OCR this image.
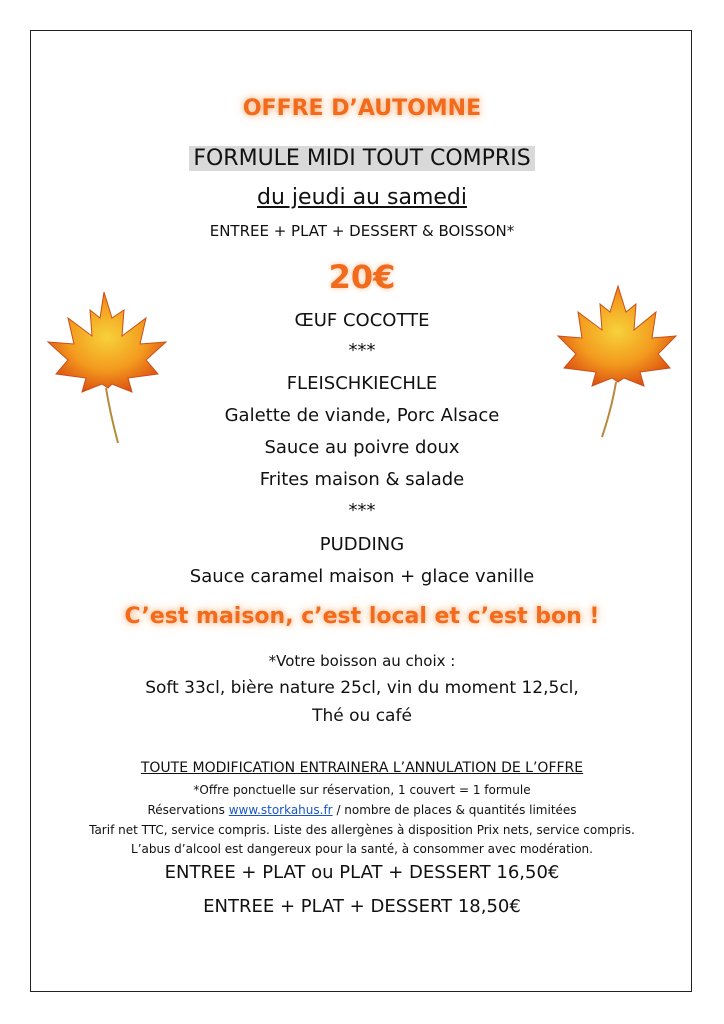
OFFRE D’AUTOMNE
FORMULE MIDI TOUT COMPRIS
du jeudi au samedi
ENTREE + PLAT + DESSERT & BOISSON*
20€
ŒUF COCOTTE
***
FLEISCHKIECHLE
Galette de viande, Porc Alsace
Sauce au poivre doux
Frites maison & salade
***
PUDDING
Sauce caramel maison + glace vanille
C’est maison, c’est local et c’est bon !
*Votre boisson au choix :
Soft 33cl, bière nature 25cl, vin du moment 12,5cl,
Thé ou café
TOUTE MODIFICATION ENTRAINERA L’ANNULATION DE L’OFFRE
*Offre ponctuelle sur réservation, 1 couvert = 1 formule
Réservations www.storkahus.fr / nombre de places & quantités limitées
Tarif net TTC, service compris. Liste des allergènes à disposition Prix nets, service compris.
L’abus d’alcool est dangereux pour la santé, à consommer avec modération.
ENTREE + PLAT ou PLAT + DESSERT 16,50€
ENTREE + PLAT + DESSERT 18,50€
